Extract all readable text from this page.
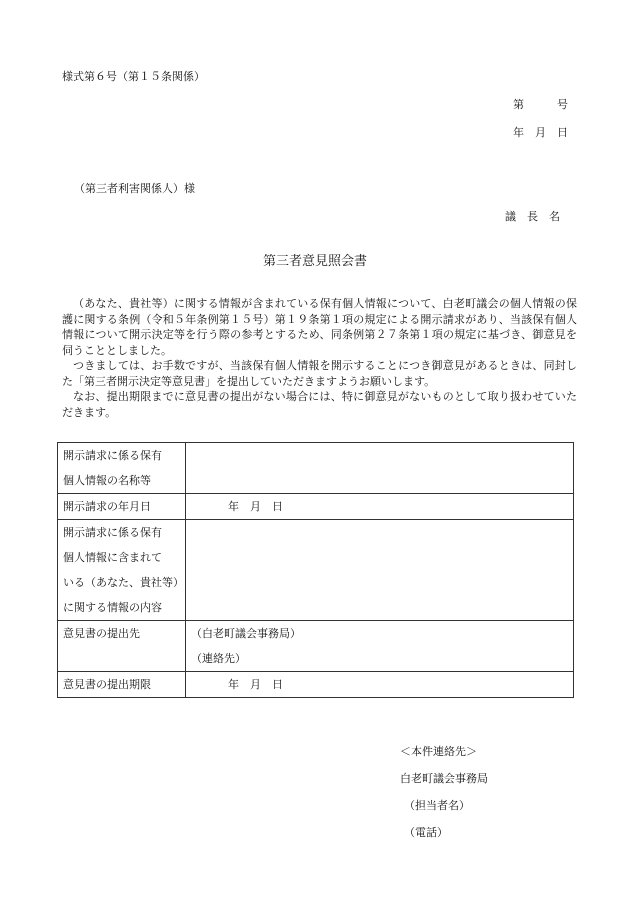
様式第６号（第１５条関係）
第　　　号
年　月　日
（第三者利害関係人）様
議　長　名
第三者意見照会書

（あなた、貴社等）に関する情報が含まれている保有個人情報について、白老町議会の個人情報の保護に関する条例（令和５年条例第１５号）第１９条第１項の規定による開示請求があり、当該保有個人情報について開示決定等を行う際の参考とするため、同条例第２７条第１項の規定に基づき、御意見を伺うこととしました。

つきましては、お手数ですが、当該保有個人情報を開示することにつき御意見があるときは、同封した「第三者開示決定等意見書」を提出していただきますようお願いします。

なお、提出期限までに意見書の提出がない場合には、特に御意見がないものとして取り扱わせていただきます。

開示請求に係る保有
個人情報の名称等	

開示請求の年月日	年　月　日

開示請求に係る保有
個人情報に含まれて
いる（あなた、貴社等）
に関する情報の内容	

意見書の提出先	（白老町議会事務局）
（連絡先）

意見書の提出期限	年　月　日
＜本件連絡先＞
白老町議会事務局
（担当者名）
（電話）
